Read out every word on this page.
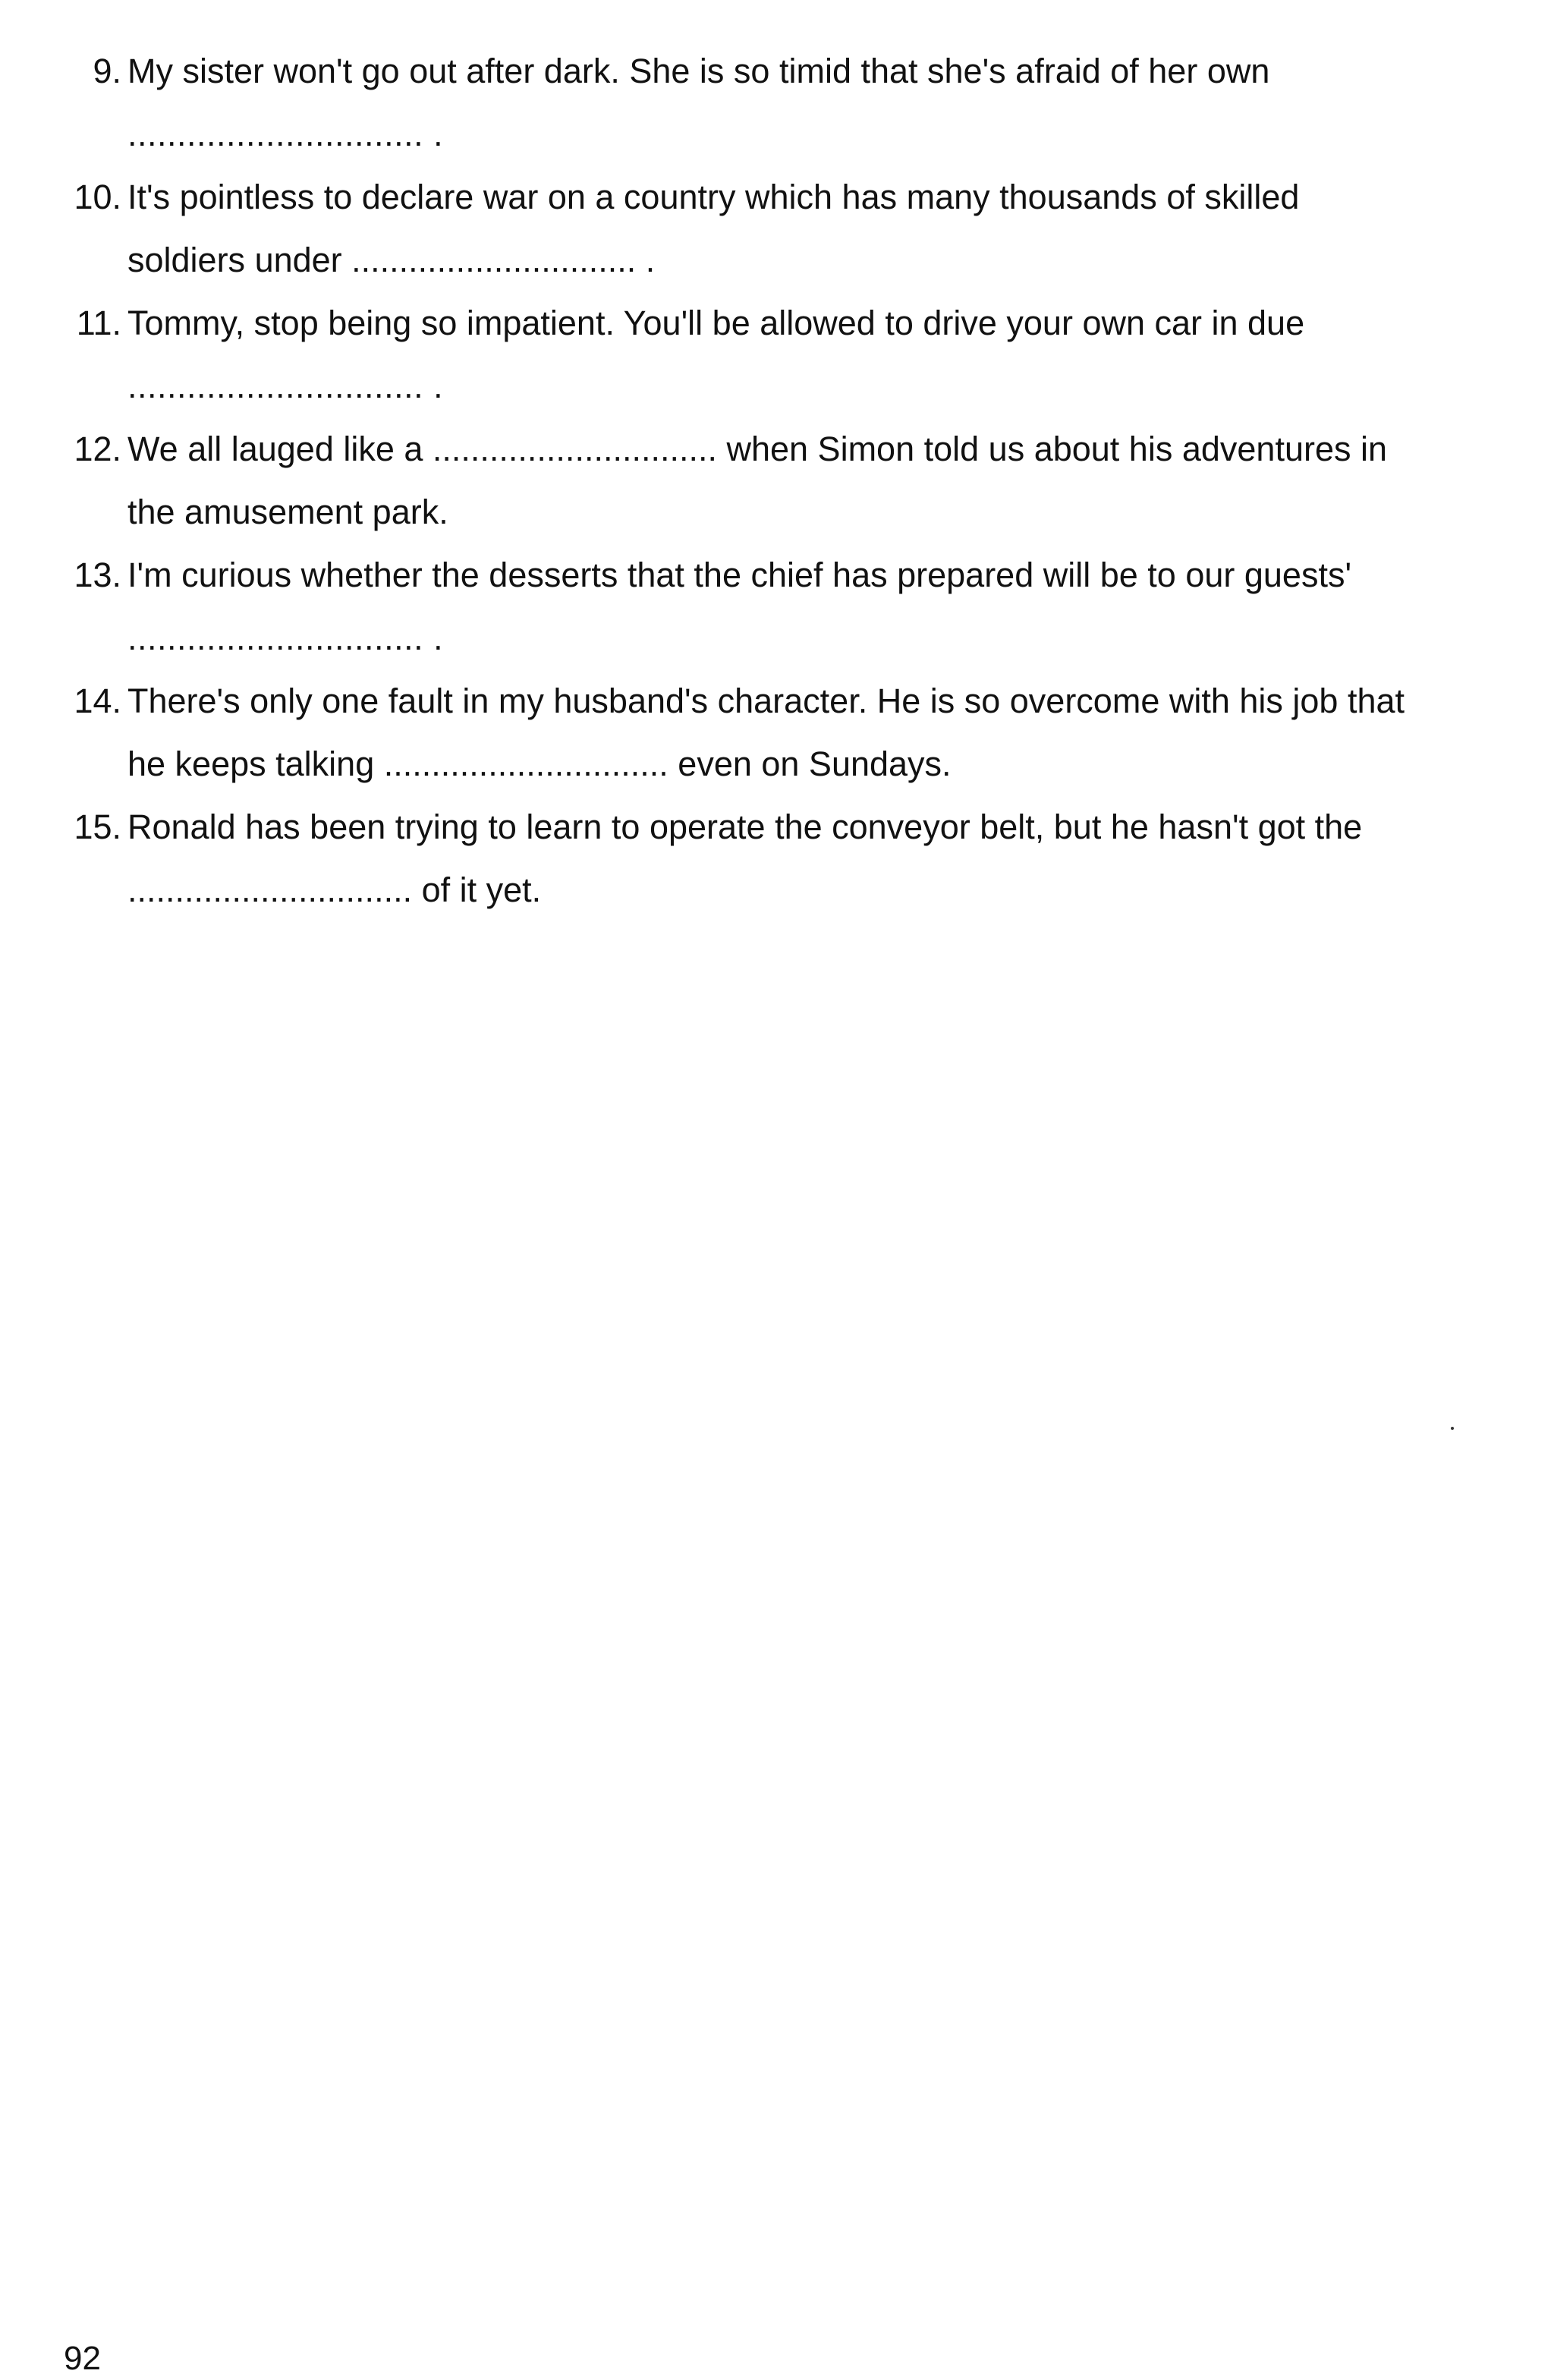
9. My sister won't go out after dark. She is so timid that she's afraid of her own
.............................. .
10. It's pointless to declare war on a country which has many thousands of skilled
soldiers under .............................. .
11. Tommy, stop being so impatient. You'll be allowed to drive your own car in due
.............................. .
12. We all lauged like a .............................. when Simon told us about his adventures in
the amusement park.
13. I'm curious whether the desserts that the chief has prepared will be to our guests'
.............................. .
14. There's only one fault in my husband's character. He is so overcome with his job that
he keeps talking .............................. even on Sundays.
15. Ronald has been trying to learn to operate the conveyor belt, but he hasn't got the
.............................. of it yet.
92
